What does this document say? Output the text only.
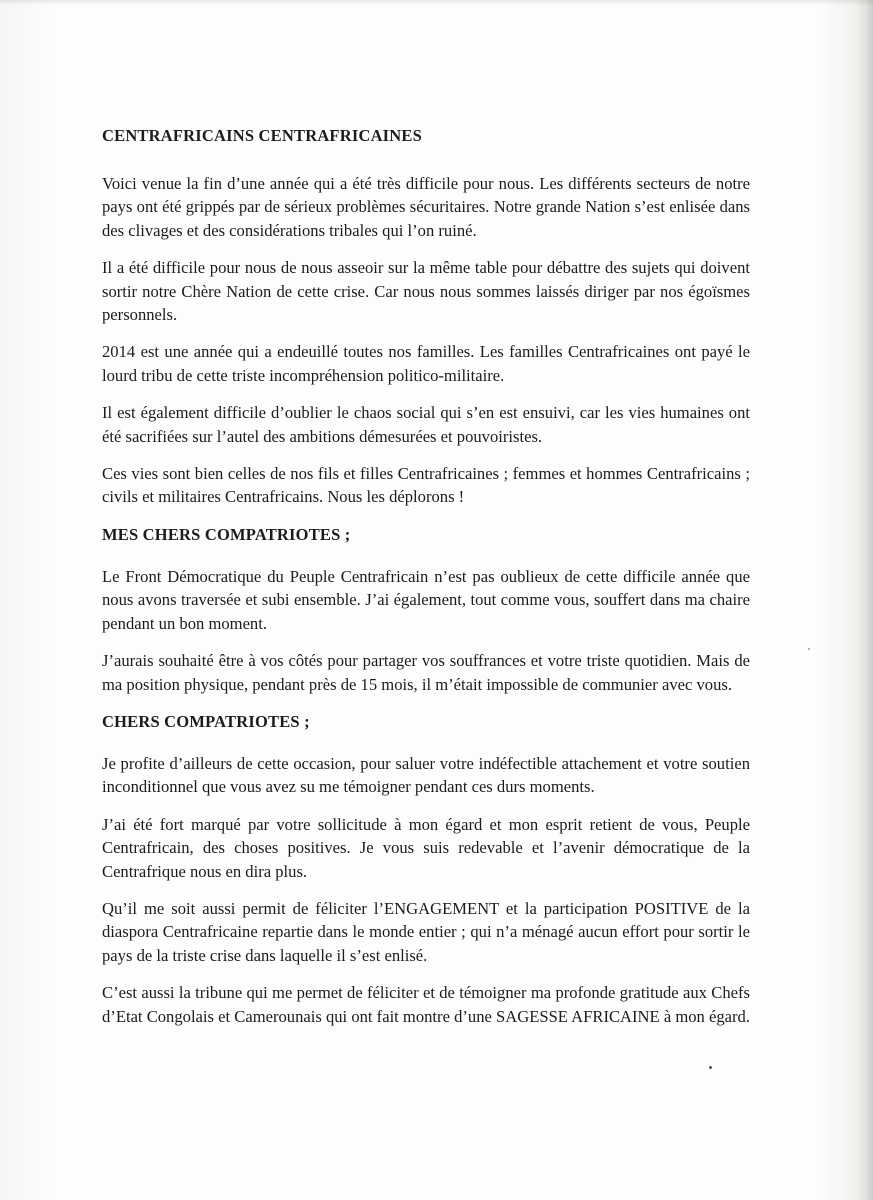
CENTRAFRICAINS CENTRAFRICAINES

Voici venue la fin d’une année qui a été très difficile pour nous. Les différents secteurs de notre pays ont été grippés par de sérieux problèmes sécuritaires. Notre grande Nation s’est enlisée dans des clivages et des considérations tribales qui l’on ruiné.

Il a été difficile pour nous de nous asseoir sur la même table pour débattre des sujets qui doivent sortir notre Chère Nation de cette crise. Car nous nous sommes laissés diriger par nos égoïsmes personnels.

2014 est une année qui a endeuillé toutes nos familles. Les familles Centrafricaines ont payé le lourd tribu de cette triste incompréhension politico-militaire.

Il est également difficile d’oublier le chaos social qui s’en est ensuivi, car les vies humaines ont été sacrifiées sur l’autel des ambitions démesurées et pouvoiristes.

Ces vies sont bien celles de nos fils et filles Centrafricaines ; femmes et hommes Centrafricains ; civils et militaires Centrafricains. Nous les déplorons !

MES CHERS COMPATRIOTES ;

Le Front Démocratique du Peuple Centrafricain n’est pas oublieux de cette difficile année que nous avons traversée et subi ensemble. J’ai également, tout comme vous, souffert dans ma chaire pendant un bon moment.

J’aurais souhaité être à vos côtés pour partager vos souffrances et votre triste quotidien. Mais de ma position physique, pendant près de 15 mois, il m’était impossible de communier avec vous.

CHERS COMPATRIOTES ;

Je profite d’ailleurs de cette occasion, pour saluer votre indéfectible attachement et votre soutien inconditionnel que vous avez su me témoigner pendant ces durs moments.

J’ai été fort marqué par votre sollicitude à mon égard et mon esprit retient de vous, Peuple Centrafricain, des choses positives. Je vous suis redevable et l’avenir démocratique de la Centrafrique nous en dira plus.

Qu’il me soit aussi permit de féliciter l’ENGAGEMENT et la participation POSITIVE de la diaspora Centrafricaine repartie dans le monde entier ; qui n’a ménagé aucun effort pour sortir le pays de la triste crise dans laquelle il s’est enlisé.

C’est aussi la tribune qui me permet de féliciter et de témoigner ma profonde gratitude aux Chefs d’Etat Congolais et Camerounais qui ont fait montre d’une SAGESSE AFRICAINE à mon égard.
